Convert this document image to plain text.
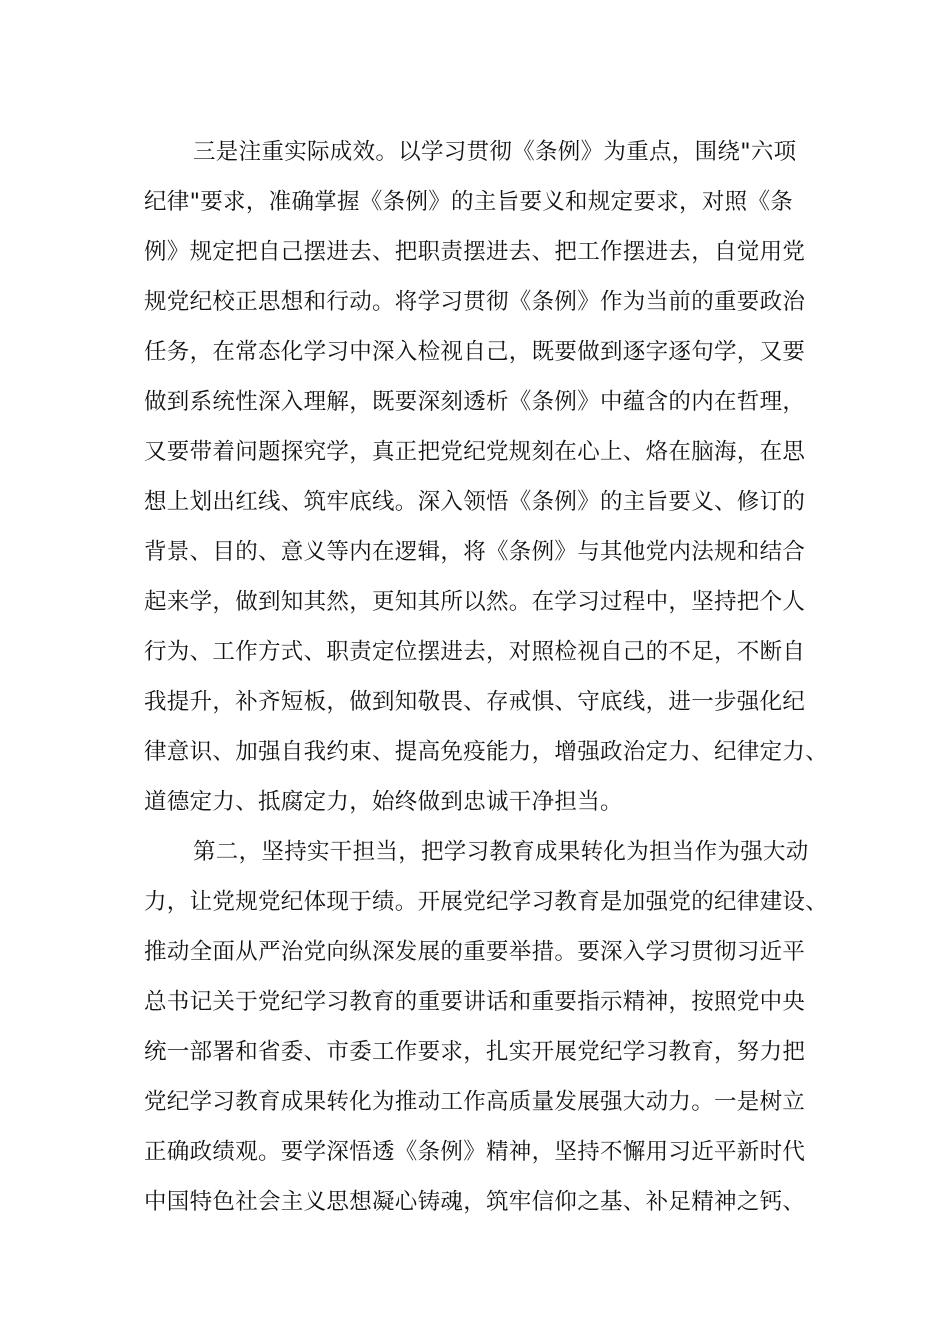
三是注重实际成效。以学习贯彻《条例》为重点，围绕"六项
纪律"要求，准确掌握《条例》的主旨要义和规定要求，对照《条
例》规定把自己摆进去、把职责摆进去、把工作摆进去，自觉用党
规党纪校正思想和行动。将学习贯彻《条例》作为当前的重要政治
任务，在常态化学习中深入检视自己，既要做到逐字逐句学，又要
做到系统性深入理解，既要深刻透析《条例》中蕴含的内在哲理，
又要带着问题探究学，真正把党纪党规刻在心上、烙在脑海，在思
想上划出红线、筑牢底线。深入领悟《条例》的主旨要义、修订的
背景、目的、意义等内在逻辑，将《条例》与其他党内法规和结合
起来学，做到知其然，更知其所以然。在学习过程中，坚持把个人
行为、工作方式、职责定位摆进去，对照检视自己的不足，不断自
我提升，补齐短板，做到知敬畏、存戒惧、守底线，进一步强化纪
律意识、加强自我约束、提高免疫能力，增强政治定力、纪律定力、
道德定力、抵腐定力，始终做到忠诚干净担当。
第二，坚持实干担当，把学习教育成果转化为担当作为强大动
力，让党规党纪体现于绩。开展党纪学习教育是加强党的纪律建设、
推动全面从严治党向纵深发展的重要举措。要深入学习贯彻习近平
总书记关于党纪学习教育的重要讲话和重要指示精神，按照党中央
统一部署和省委、市委工作要求，扎实开展党纪学习教育，努力把
党纪学习教育成果转化为推动工作高质量发展强大动力。一是树立
正确政绩观。要学深悟透《条例》精神，坚持不懈用习近平新时代
中国特色社会主义思想凝心铸魂，筑牢信仰之基、补足精神之钙、
